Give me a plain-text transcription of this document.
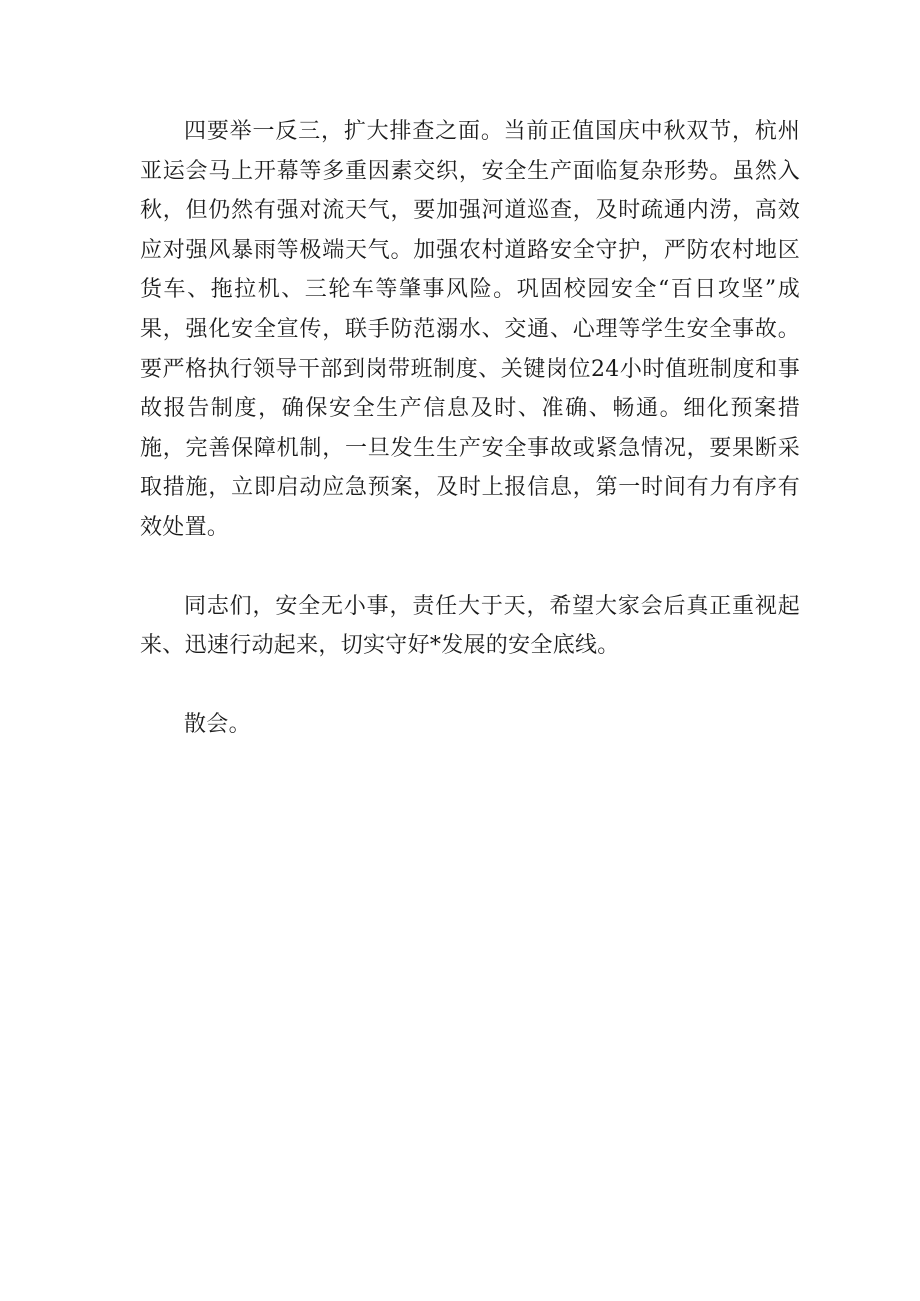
四要举一反三，扩大排查之面。当前正值国庆中秋双节，杭州亚运会马上开幕等多重因素交织，安全生产面临复杂形势。虽然入秋，但仍然有强对流天气，要加强河道巡查，及时疏通内涝，高效应对强风暴雨等极端天气。加强农村道路安全守护，严防农村地区货车、拖拉机、三轮车等肇事风险。巩固校园安全“百日攻坚”成果，强化安全宣传，联手防范溺水、交通、心理等学生安全事故。要严格执行领导干部到岗带班制度、关键岗位24小时值班制度和事故报告制度，确保安全生产信息及时、准确、畅通。细化预案措施，完善保障机制，一旦发生生产安全事故或紧急情况，要果断采取措施，立即启动应急预案，及时上报信息，第一时间有力有序有效处置。

同志们，安全无小事，责任大于天，希望大家会后真正重视起来、迅速行动起来，切实守好*发展的安全底线。

散会。
